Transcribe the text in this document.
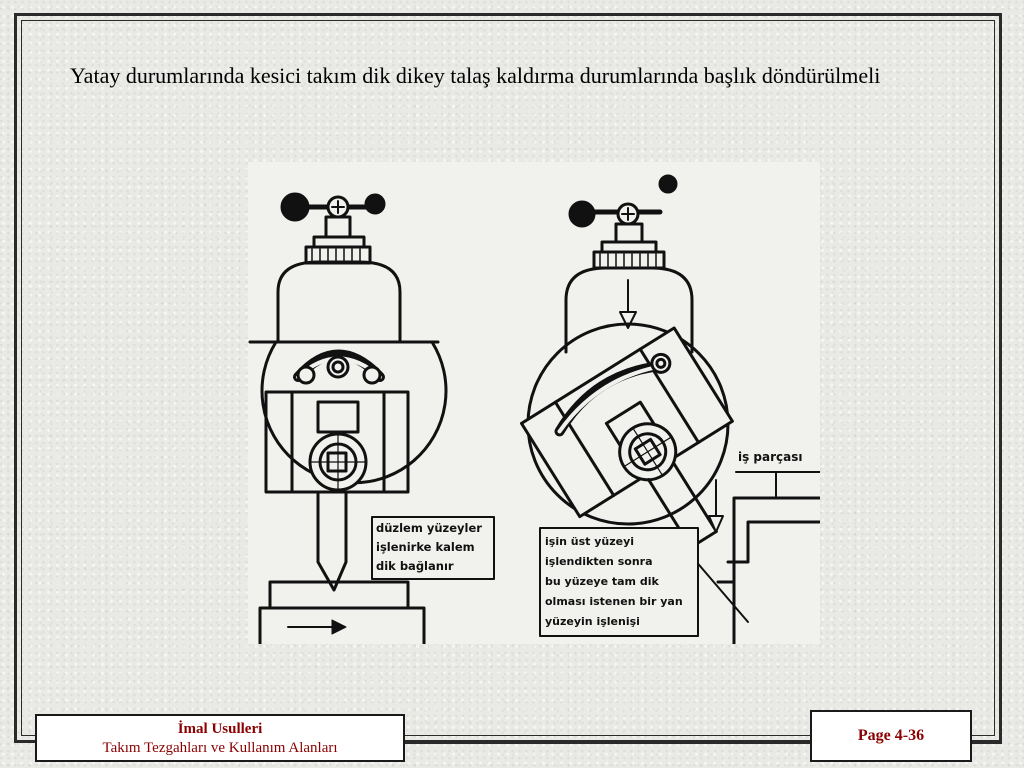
Yatay durumlarında kesici takım dik dikey talaş kaldırma durumlarında başlık döndürülmeli
düzlem yüzeyler
işlenirke kalem
dik bağlanır
işin üst yüzeyi
işlendikten sonra
bu yüzeye tam dik
olması istenen bir yan
yüzeyin işlenişi
iş parçası
İmal Usulleri
Takım Tezgahları ve Kullanım Alanları
Page 4-36
